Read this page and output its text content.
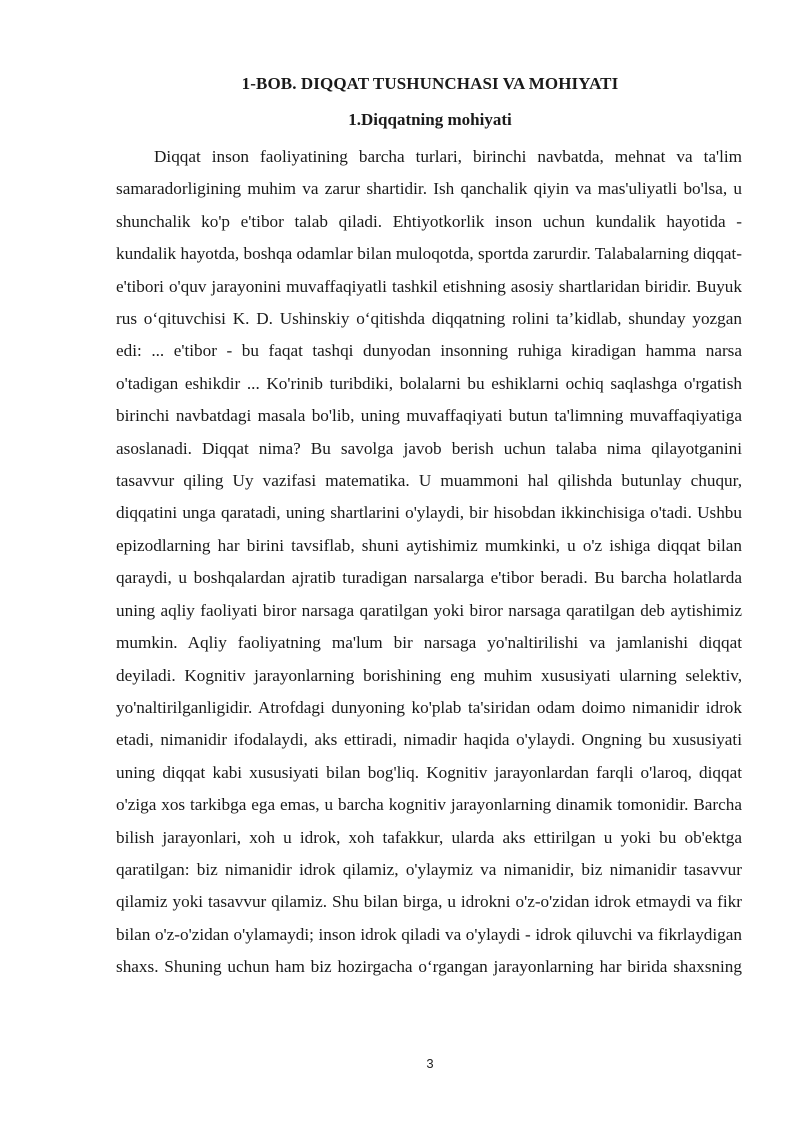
1-BOB. DIQQAT TUSHUNCHASI VA MOHIYATI
1.Diqqatning mohiyati

Diqqat inson faoliyatining barcha turlari, birinchi navbatda, mehnat va ta'lim samaradorligining muhim va zarur shartidir. Ish qanchalik qiyin va mas'uliyatli bo'lsa, u shunchalik ko'p e'tibor talab qiladi. Ehtiyotkorlik inson uchun kundalik hayotida - kundalik hayotda, boshqa odamlar bilan muloqotda, sportda zarurdir. Talabalarning diqqat-e'tibori o'quv jarayonini muvaffaqiyatli tashkil etishning asosiy shartlaridan biridir. Buyuk rus o‘qituvchisi K. D. Ushinskiy o‘qitishda diqqatning rolini ta’kidlab, shunday yozgan edi: ... e'tibor - bu faqat tashqi dunyodan insonning ruhiga kiradigan hamma narsa o'tadigan eshikdir ... Ko'rinib turibdiki, bolalarni bu eshiklarni ochiq saqlashga o'rgatish birinchi navbatdagi masala bo'lib, uning muvaffaqiyati butun ta'limning muvaffaqiyatiga asoslanadi. Diqqat nima? Bu savolga javob berish uchun talaba nima qilayotganini tasavvur qiling Uy vazifasi matematika. U muammoni hal qilishda butunlay chuqur, diqqatini unga qaratadi, uning shartlarini o'ylaydi, bir hisobdan ikkinchisiga o'tadi. Ushbu epizodlarning har birini tavsiflab, shuni aytishimiz mumkinki, u o'z ishiga diqqat bilan qaraydi, u boshqalardan ajratib turadigan narsalarga e'tibor beradi. Bu barcha holatlarda uning aqliy faoliyati biror narsaga qaratilgan yoki biror narsaga qaratilgan deb aytishimiz mumkin. Aqliy faoliyatning ma'lum bir narsaga yo'naltirilishi va jamlanishi diqqat deyiladi. Kognitiv jarayonlarning borishining eng muhim xususiyati ularning selektiv, yo'naltirilganligidir. Atrofdagi dunyoning ko'plab ta'siridan odam doimo nimanidir idrok etadi, nimanidir ifodalaydi, aks ettiradi, nimadir haqida o'ylaydi. Ongning bu xususiyati uning diqqat kabi xususiyati bilan bog'liq. Kognitiv jarayonlardan farqli o'laroq, diqqat o'ziga xos tarkibga ega emas, u barcha kognitiv jarayonlarning dinamik tomonidir. Barcha bilish jarayonlari, xoh u idrok, xoh tafakkur, ularda aks ettirilgan u yoki bu ob'ektga qaratilgan: biz nimanidir idrok qilamiz, o'ylaymiz va nimanidir, biz nimanidir tasavvur qilamiz yoki tasavvur qilamiz. Shu bilan birga, u idrokni o'z-o'zidan idrok etmaydi va fikr bilan o'z-o'zidan o'ylamaydi; inson idrok qiladi va o'ylaydi - idrok qiluvchi va fikrlaydigan shaxs. Shuning uchun ham biz hozirgacha o‘rgangan jarayonlarning har birida shaxsning

3
